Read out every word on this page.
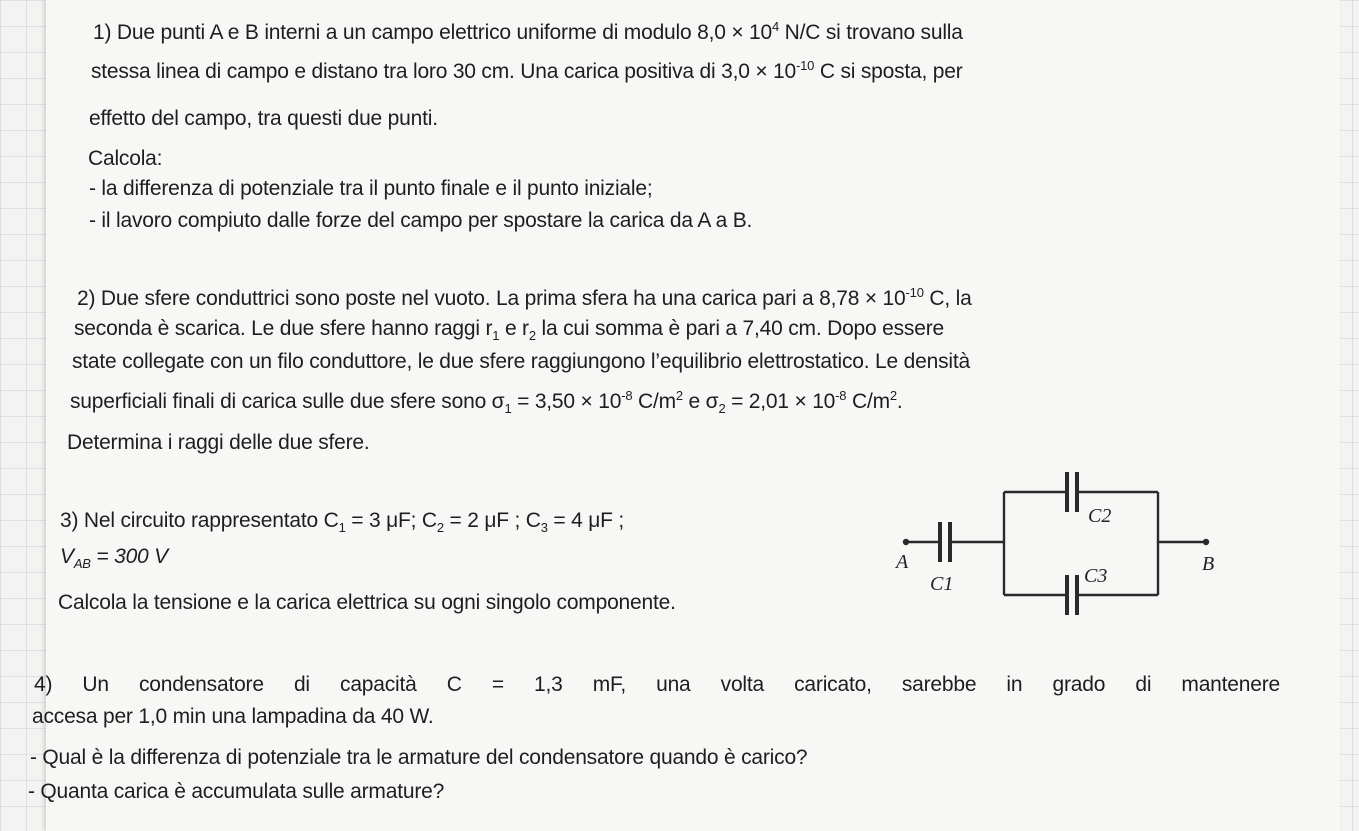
1) Due punti A e B interni a un campo elettrico uniforme di modulo $8,0 \times 10^4$ N/C si trovano sulla
stessa linea di campo e distano tra loro 30 cm. Una carica positiva di $3,0 \times 10^{-10}$ C si sposta, per
effetto del campo, tra questi due punti.
Calcola:
- la differenza di potenziale tra il punto finale e il punto iniziale;
- il lavoro compiuto dalle forze del campo per spostare la carica da A a B.
2) Due sfere conduttrici sono poste nel vuoto. La prima sfera ha una carica pari a $8,78 \times 10^{-10}$ C, la
seconda è scarica. Le due sfere hanno raggi $r_1$ e $r_2$ la cui somma è pari a 7,40 cm. Dopo essere
state collegate con un filo conduttore, le due sfere raggiungono l’equilibrio elettrostatico. Le densità
superficiali finali di carica sulle due sfere sono $\sigma_1 = 3,50 \times 10^{-8}$ $C/m^2$ e $\sigma_2 = 2,01 \times 10^{-8}$ $C/m^2$.
Determina i raggi delle due sfere.
3) Nel circuito rappresentato $C_1 = 3$ μF; $C_2 = 2$ μF ; $C_3 = 4$ μF ;
$V_{AB} = 300$ V
Calcola la tensione e la carica elettrica su ogni singolo componente.
A	B
C1
C2
C3
4) Un condensatore di capacità C = 1,3 mF, una volta caricato, sarebbe in grado di mantenere
accesa per 1,0 min una lampadina da 40 W.
- Qual è la differenza di potenziale tra le armature del condensatore quando è carico?
- Quanta carica è accumulata sulle armature?
